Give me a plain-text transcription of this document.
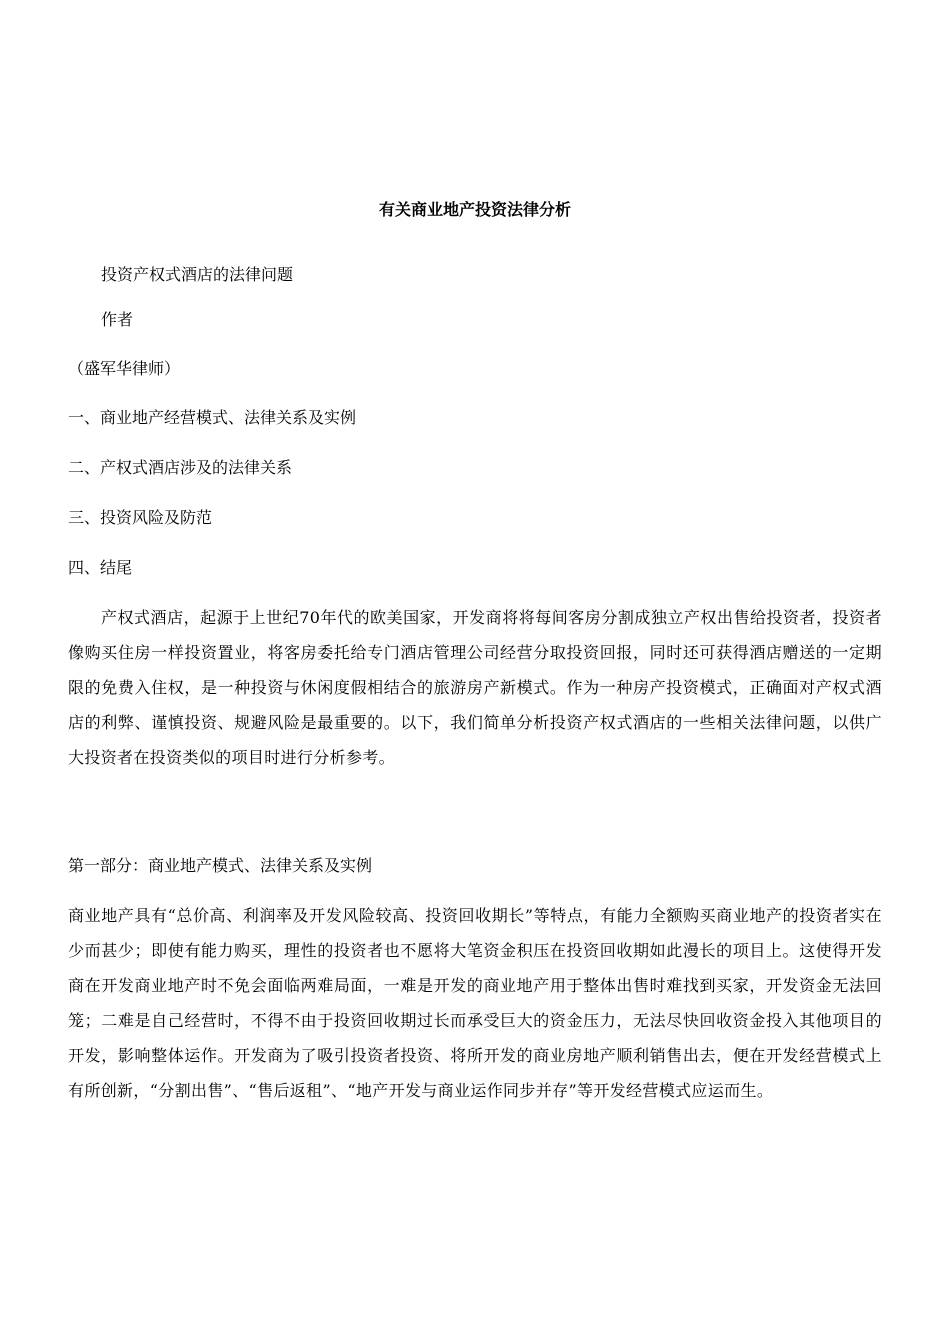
有关商业地产投资法律分析

投资产权式酒店的法律问题

作者

（盛军华律师）

一、商业地产经营模式、法律关系及实例

二、产权式酒店涉及的法律关系

三、投资风险及防范

四、结尾

产权式酒店，起源于上世纪70年代的欧美国家，开发商将将每间客房分割成独立产权出售给投资者，投资者像购买住房一样投资置业，将客房委托给专门酒店管理公司经营分取投资回报，同时还可获得酒店赠送的一定期限的免费入住权，是一种投资与休闲度假相结合的旅游房产新模式。作为一种房产投资模式，正确面对产权式酒店的利弊、谨慎投资、规避风险是最重要的。以下，我们简单分析投资产权式酒店的一些相关法律问题，以供广大投资者在投资类似的项目时进行分析参考。

第一部分：商业地产模式、法律关系及实例

商业地产具有“总价高、利润率及开发风险较高、投资回收期长”等特点，有能力全额购买商业地产的投资者实在少而甚少；即使有能力购买，理性的投资者也不愿将大笔资金积压在投资回收期如此漫长的项目上。这使得开发商在开发商业地产时不免会面临两难局面，一难是开发的商业地产用于整体出售时难找到买家，开发资金无法回笼；二难是自己经营时，不得不由于投资回收期过长而承受巨大的资金压力，无法尽快回收资金投入其他项目的开发，影响整体运作。开发商为了吸引投资者投资、将所开发的商业房地产顺利销售出去，便在开发经营模式上有所创新，“分割出售”、“售后返租”、“地产开发与商业运作同步并存”等开发经营模式应运而生。
